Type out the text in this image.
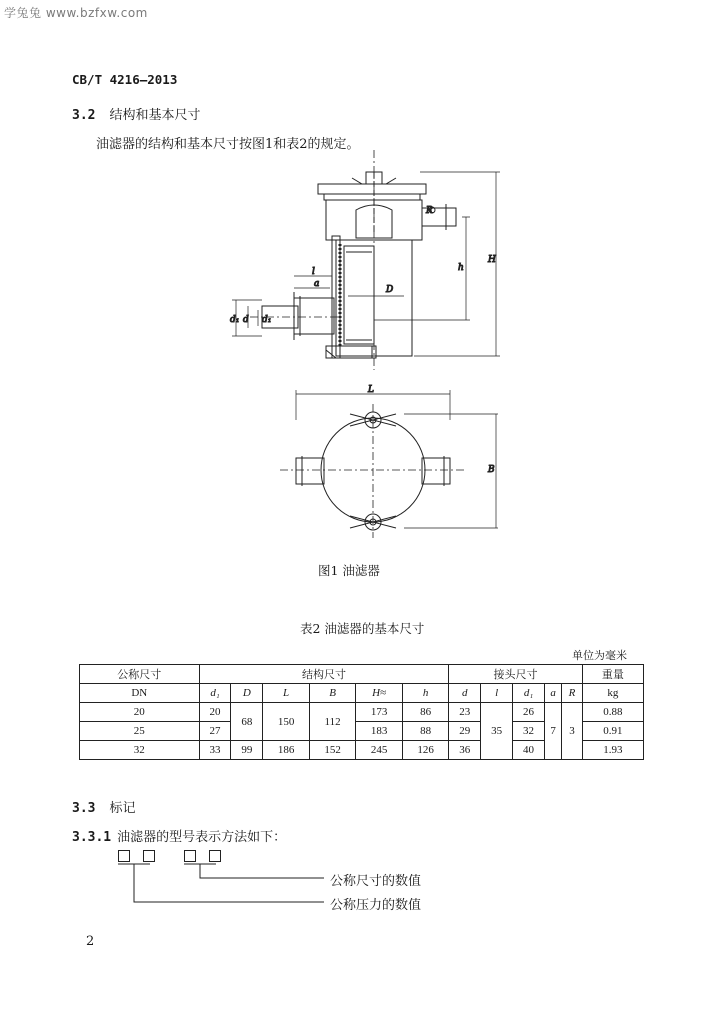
学兔兔 www.bzfxw.com
CB/T 4216—2013
3.2 结构和基本尺寸
油滤器的结构和基本尺寸按图1和表2的规定。
H
h
D
l
a
d₁ d d₁
R
L
B
图1 油滤器
表2 油滤器的基本尺寸
单位为毫米
公称尺寸	结构尺寸						接头尺寸					重量
DN	d₁	D	L	B	H≈	h	d	l	d₁	a	R	kg
20	20	68	150	112	173	86	23	35	26	7	3	0.88
25	27				183	88	29		32			0.91
32	33	99	186	152	245	126	36		40			1.93
3.3 标记
3.3.1 油滤器的型号表示方法如下：

公称尺寸的数值
公称压力的数值
2
